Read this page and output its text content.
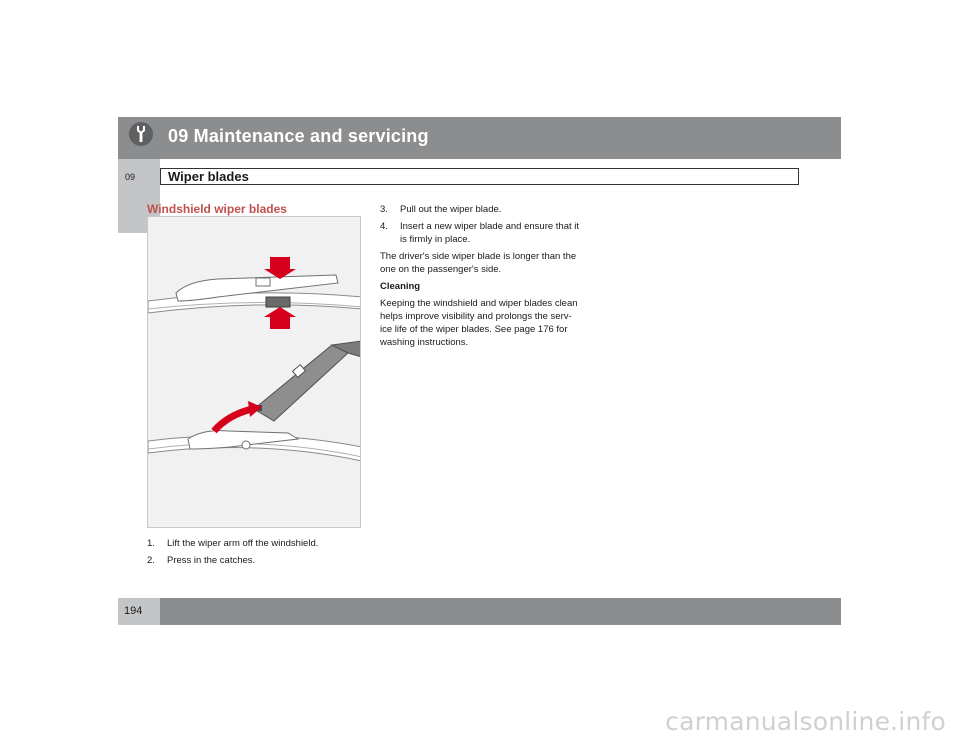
09 Maintenance and servicing
09	Wiper blades
Windshield wiper blades
1. Lift the wiper arm off the windshield.
2. Press in the catches.
3. Pull out the wiper blade.
4. Insert a new wiper blade and ensure that it is firmly in place.

The driver's side wiper blade is longer than the one on the passenger's side.

Cleaning

Keeping the windshield and wiper blades clean helps improve visibility and prolongs the serv-ice life of the wiper blades. See page 176 for washing instructions.

194
carmanualsonline.info
